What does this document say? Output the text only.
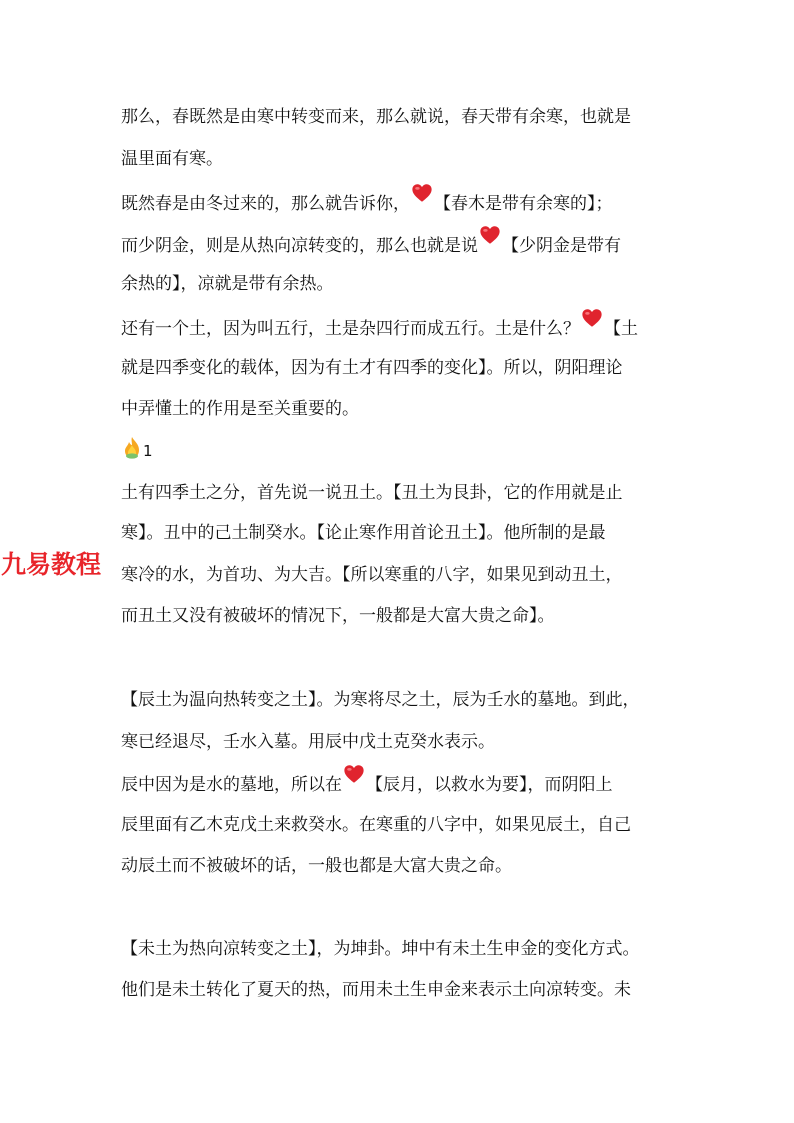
九易教程
那么，春既然是由寒中转变而来，那么就说，春天带有余寒，也就是
温里面有寒。
既然春是由冬过来的，那么就告诉你， 【春木是带有余寒的】；
而少阴金，则是从热向凉转变的，那么也就是说 【少阴金是带有
余热的】，凉就是带有余热。
还有一个土，因为叫五行，土是杂四行而成五行。土是什么？ 【土
就是四季变化的载体，因为有土才有四季的变化】。所以，阴阳理论
中弄懂土的作用是至关重要的。
1
土有四季土之分，首先说一说丑土。【丑土为艮卦，它的作用就是止
寒】。丑中的己土制癸水。【论止寒作用首论丑土】。他所制的是最
寒冷的水，为首功、为大吉。【所以寒重的八字，如果见到动丑土，
而丑土又没有被破坏的情况下，一般都是大富大贵之命】。
【辰土为温向热转变之土】。为寒将尽之土，辰为壬水的墓地。到此，
寒已经退尽，壬水入墓。用辰中戊土克癸水表示。
辰中因为是水的墓地，所以在 【辰月，以救水为要】，而阴阳上
辰里面有乙木克戊土来救癸水。在寒重的八字中，如果见辰土，自己
动辰土而不被破坏的话，一般也都是大富大贵之命。
【未土为热向凉转变之土】，为坤卦。坤中有未土生申金的变化方式。
他们是未土转化了夏天的热，而用未土生申金来表示土向凉转变。未
